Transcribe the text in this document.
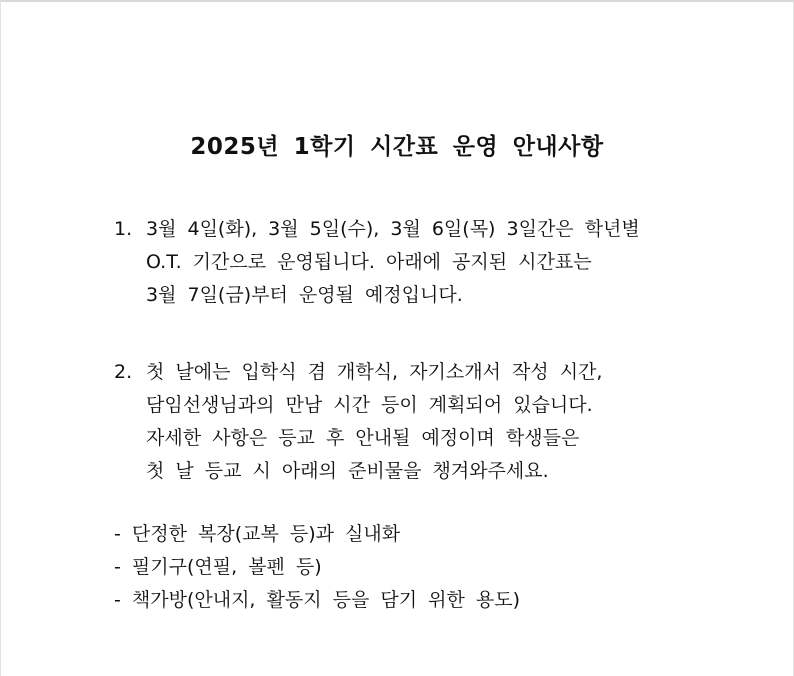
2025년 1학기 시간표 운영 안내사항
1. 3월 4일(화), 3월 5일(수), 3월 6일(목) 3일간은 학년별
O.T. 기간으로 운영됩니다. 아래에 공지된 시간표는
3월 7일(금)부터 운영될 예정입니다.
2. 첫 날에는 입학식 겸 개학식, 자기소개서 작성 시간,
담임선생님과의 만남 시간 등이 계획되어 있습니다.
자세한 사항은 등교 후 안내될 예정이며 학생들은
첫 날 등교 시 아래의 준비물을 챙겨와주세요.
- 단정한 복장(교복 등)과 실내화
- 필기구(연필, 볼펜 등)
- 책가방(안내지, 활동지 등을 담기 위한 용도)
